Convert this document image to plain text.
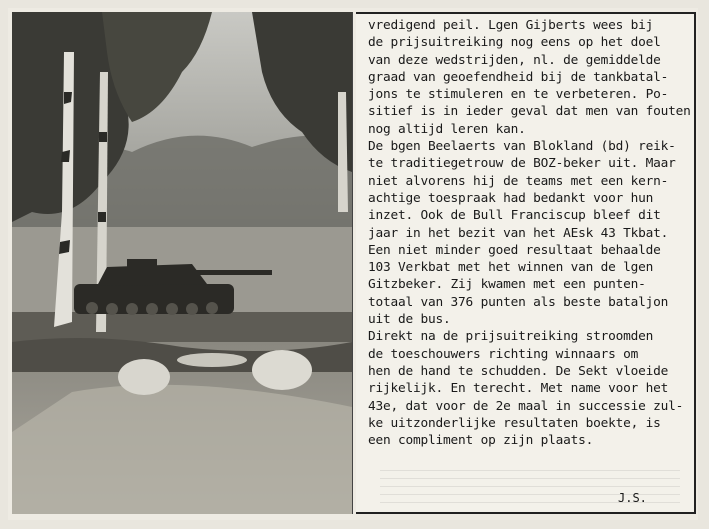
vredigend peil. Lgen Gijberts wees bij
de prijsuitreiking nog eens op het doel
van deze wedstrijden, nl. de gemiddelde
graad van geoefendheid bij de tankbatal-
jons te stimuleren en te verbeteren. Po-
sitief is in ieder geval dat men van fouten
nog altijd leren kan.
De bgen Beelaerts van Blokland (bd) reik-
te traditiegetrouw de BOZ-beker uit. Maar
niet alvorens hij de teams met een kern-
achtige toespraak had bedankt voor hun
inzet. Ook de Bull Franciscup bleef dit
jaar in het bezit van het AEsk 43 Tkbat.
Een niet minder goed resultaat behaalde
103 Verkbat met het winnen van de lgen
Gitzbeker. Zij kwamen met een punten-
totaal van 376 punten als beste bataljon
uit de bus.
Direkt na de prijsuitreiking stroomden
de toeschouwers richting winnaars om
hen de hand te schudden. De Sekt vloeide
rijkelijk. En terecht. Met name voor het
43e, dat voor de 2e maal in successie zul-
ke uitzonderlijke resultaten boekte, is
een compliment op zijn plaats.
J.S.
